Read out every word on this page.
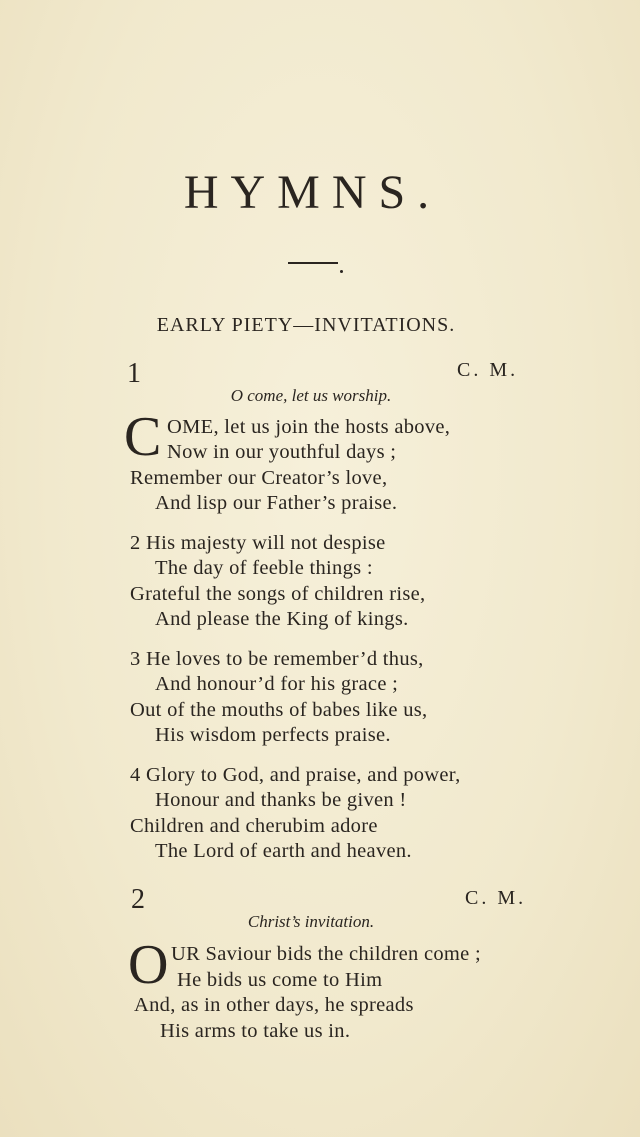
HYMNS.
EARLY PIETY—INVITATIONS.
1	C. M.
O come, let us worship.
C OME, let us join the hosts above,
Now in our youthful days ;
Remember our Creator’s love,
And lisp our Father’s praise.
2 His majesty will not despise
The day of feeble things :
Grateful the songs of children rise,
And please the King of kings.
3 He loves to be remember’d thus,
And honour’d for his grace ;
Out of the mouths of babes like us,
His wisdom perfects praise.
4 Glory to God, and praise, and power,
Honour and thanks be given !
Children and cherubim adore
The Lord of earth and heaven.
2	C. M.
Christ’s invitation.
O UR Saviour bids the children come ;
He bids us come to Him
And, as in other days, he spreads
His arms to take us in.
